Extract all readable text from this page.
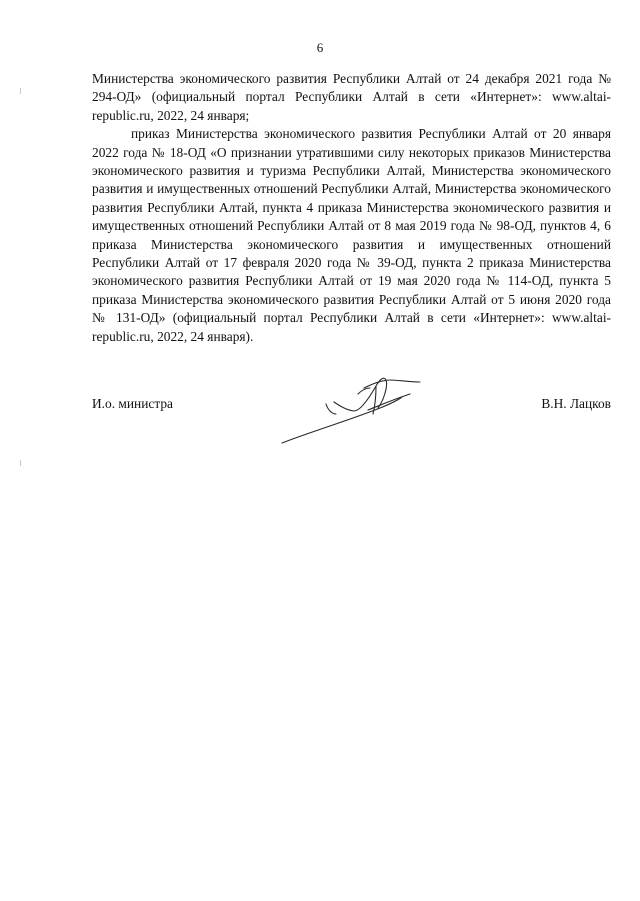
6

Министерства экономического развития Республики Алтай от 24 декабря 2021 года № 294-ОД» (официальный портал Республики Алтай в сети «Интернет»: www.altai-republic.ru, 2022, 24 января;

приказ Министерства экономического развития Республики Алтай от 20 января 2022 года № 18-ОД «О признании утратившими силу некоторых приказов Министерства экономического развития и туризма Республики Алтай, Министерства экономического развития и имущественных отношений Республики Алтай, Министерства экономического развития Республики Алтай, пункта 4 приказа Министерства экономического развития и имущественных отношений Республики Алтай от 8 мая 2019 года № 98-ОД, пунктов 4, 6 приказа Министерства экономического развития и имущественных отношений Республики Алтай от 17 февраля 2020 года № 39-ОД, пункта 2 приказа Министерства экономического развития Республики Алтай от 19 мая 2020 года № 114-ОД, пункта 5 приказа Министерства экономического развития Республики Алтай от 5 июня 2020 года № 131-ОД» (официальный портал Республики Алтай в сети «Интернет»: www.altai-republic.ru, 2022, 24 января).

И.о. министра	В.Н. Лацков
